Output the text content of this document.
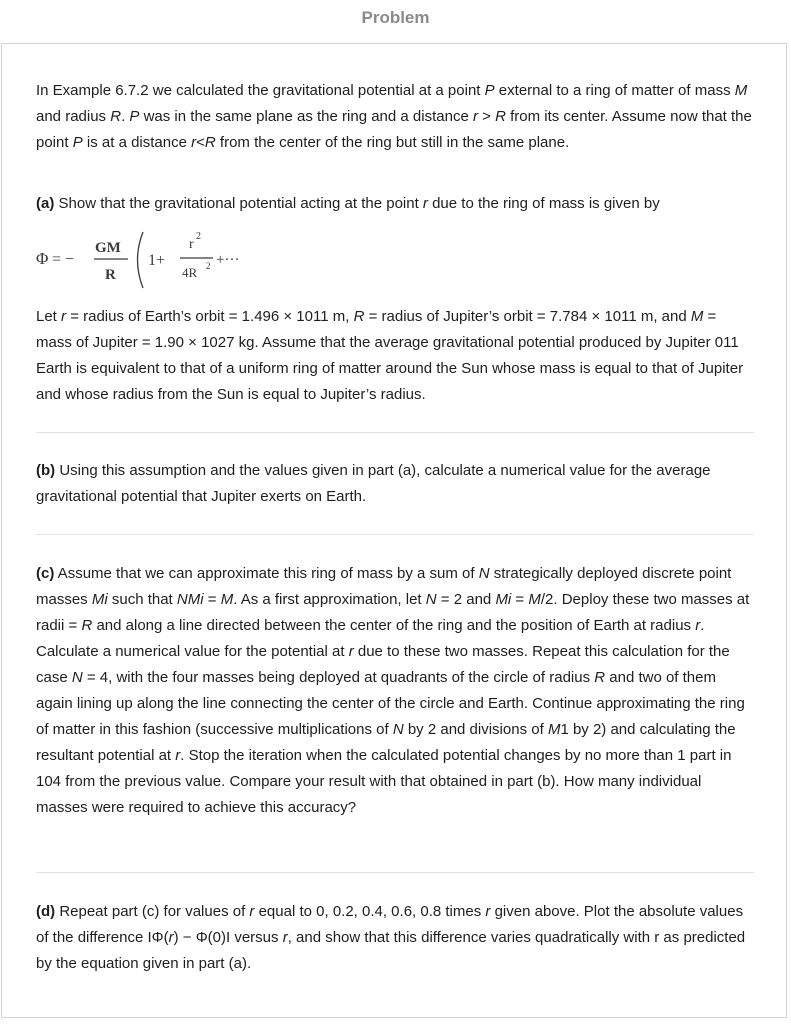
Problem

In Example 6.7.2 we calculated the gravitational potential at a point P external to a ring of matter of mass M and radius R. P was in the same plane as the ring and a distance r > R from its center. Assume now that the point P is at a distance r<R from the center of the ring but still in the same plane.

(a) Show that the gravitational potential acting at the point r due to the ring of mass is given by

Φ = −
GM
R
1+
r
2
4R 2 +···

Let r = radius of Earth’s orbit = 1.496 × 1011 m, R = radius of Jupiter’s orbit = 7.784 × 1011 m, and M = mass of Jupiter = 1.90 × 1027 kg. Assume that the average gravitational potential produced by Jupiter 011 Earth is equivalent to that of a uniform ring of matter around the Sun whose mass is equal to that of Jupiter and whose radius from the Sun is equal to Jupiter’s radius.

(b) Using this assumption and the values given in part (a), calculate a numerical value for the average gravitational potential that Jupiter exerts on Earth.

(c) Assume that we can approximate this ring of mass by a sum of N strategically deployed discrete point masses Mi such that NMi = M. As a first approximation, let N = 2 and Mi = M/2. Deploy these two masses at radii = R and along a line directed between the center of the ring and the position of Earth at radius r. Calculate a numerical value for the potential at r due to these two masses. Repeat this calculation for the case N = 4, with the four masses being deployed at quadrants of the circle of radius R and two of them again lining up along the line connecting the center of the circle and Earth. Continue approximating the ring of matter in this fashion (successive multiplications of N by 2 and divisions of M1 by 2) and calculating the resultant potential at r. Stop the iteration when the calculated potential changes by no more than 1 part in 104 from the previous value. Compare your result with that obtained in part (b). How many individual masses were required to achieve this accuracy?

(d) Repeat part (c) for values of r equal to 0, 0.2, 0.4, 0.6, 0.8 times r given above. Plot the absolute values of the difference IΦ(r) − Φ(0)I versus r, and show that this difference varies quadratically with r as predicted by the equation given in part (a).
